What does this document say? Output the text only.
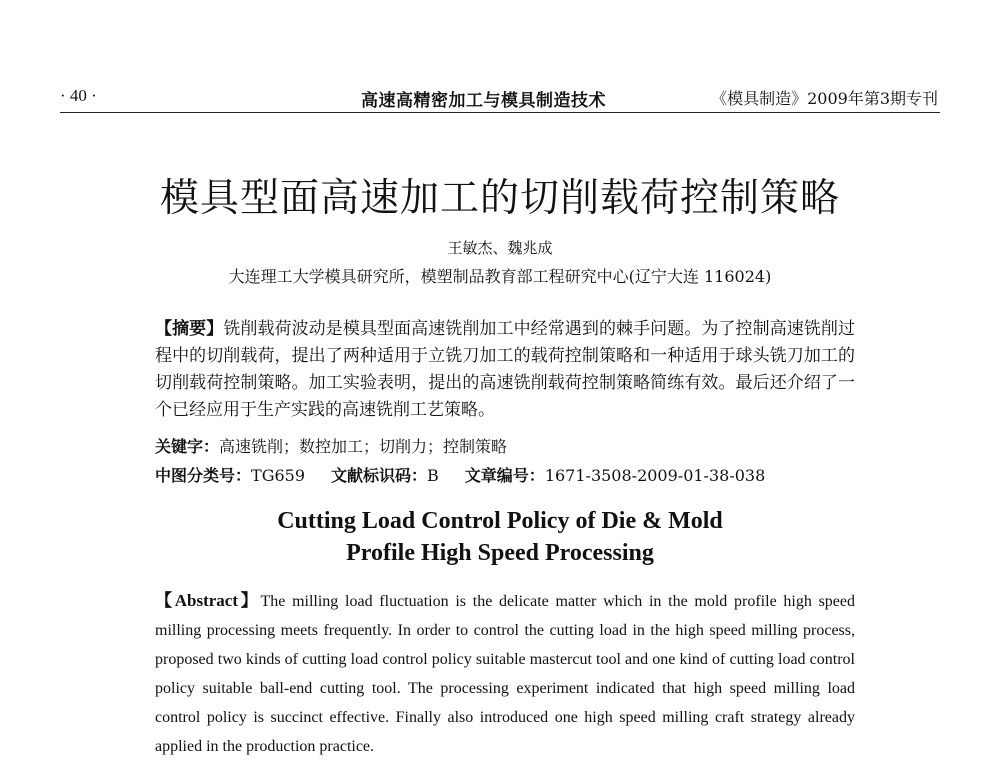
· 40 ·	高速高精密加工与模具制造技术	《模具制造》2009年第3期专刊
模具型面高速加工的切削载荷控制策略
王敏杰、魏兆成
大连理工大学模具研究所，模塑制品教育部工程研究中心(辽宁大连 116024)
【摘要】铣削载荷波动是模具型面高速铣削加工中经常遇到的棘手问题。为了控制高速铣削过程中的切削载荷，提出了两种适用于立铣刀加工的载荷控制策略和一种适用于球头铣刀加工的切削载荷控制策略。加工实验表明，提出的高速铣削载荷控制策略简练有效。最后还介绍了一个已经应用于生产实践的高速铣削工艺策略。
关键字：高速铣削；数控加工；切削力；控制策略
中图分类号：TG659 文献标识码：B 文章编号：1671-3508-2009-01-38-038
Cutting Load Control Policy of Die & Mold
Profile High Speed Processing
【Abstract】The milling load fluctuation is the delicate matter which in the mold profile high speed milling processing meets frequently. In order to control the cutting load in the high speed milling process, proposed two kinds of cutting load control policy suitable mastercut tool and one kind of cutting load control policy suitable ball-end cutting tool. The processing experiment indicated that high speed milling load control policy is succinct effective. Finally also introduced one high speed milling craft strategy already applied in the production practice.
